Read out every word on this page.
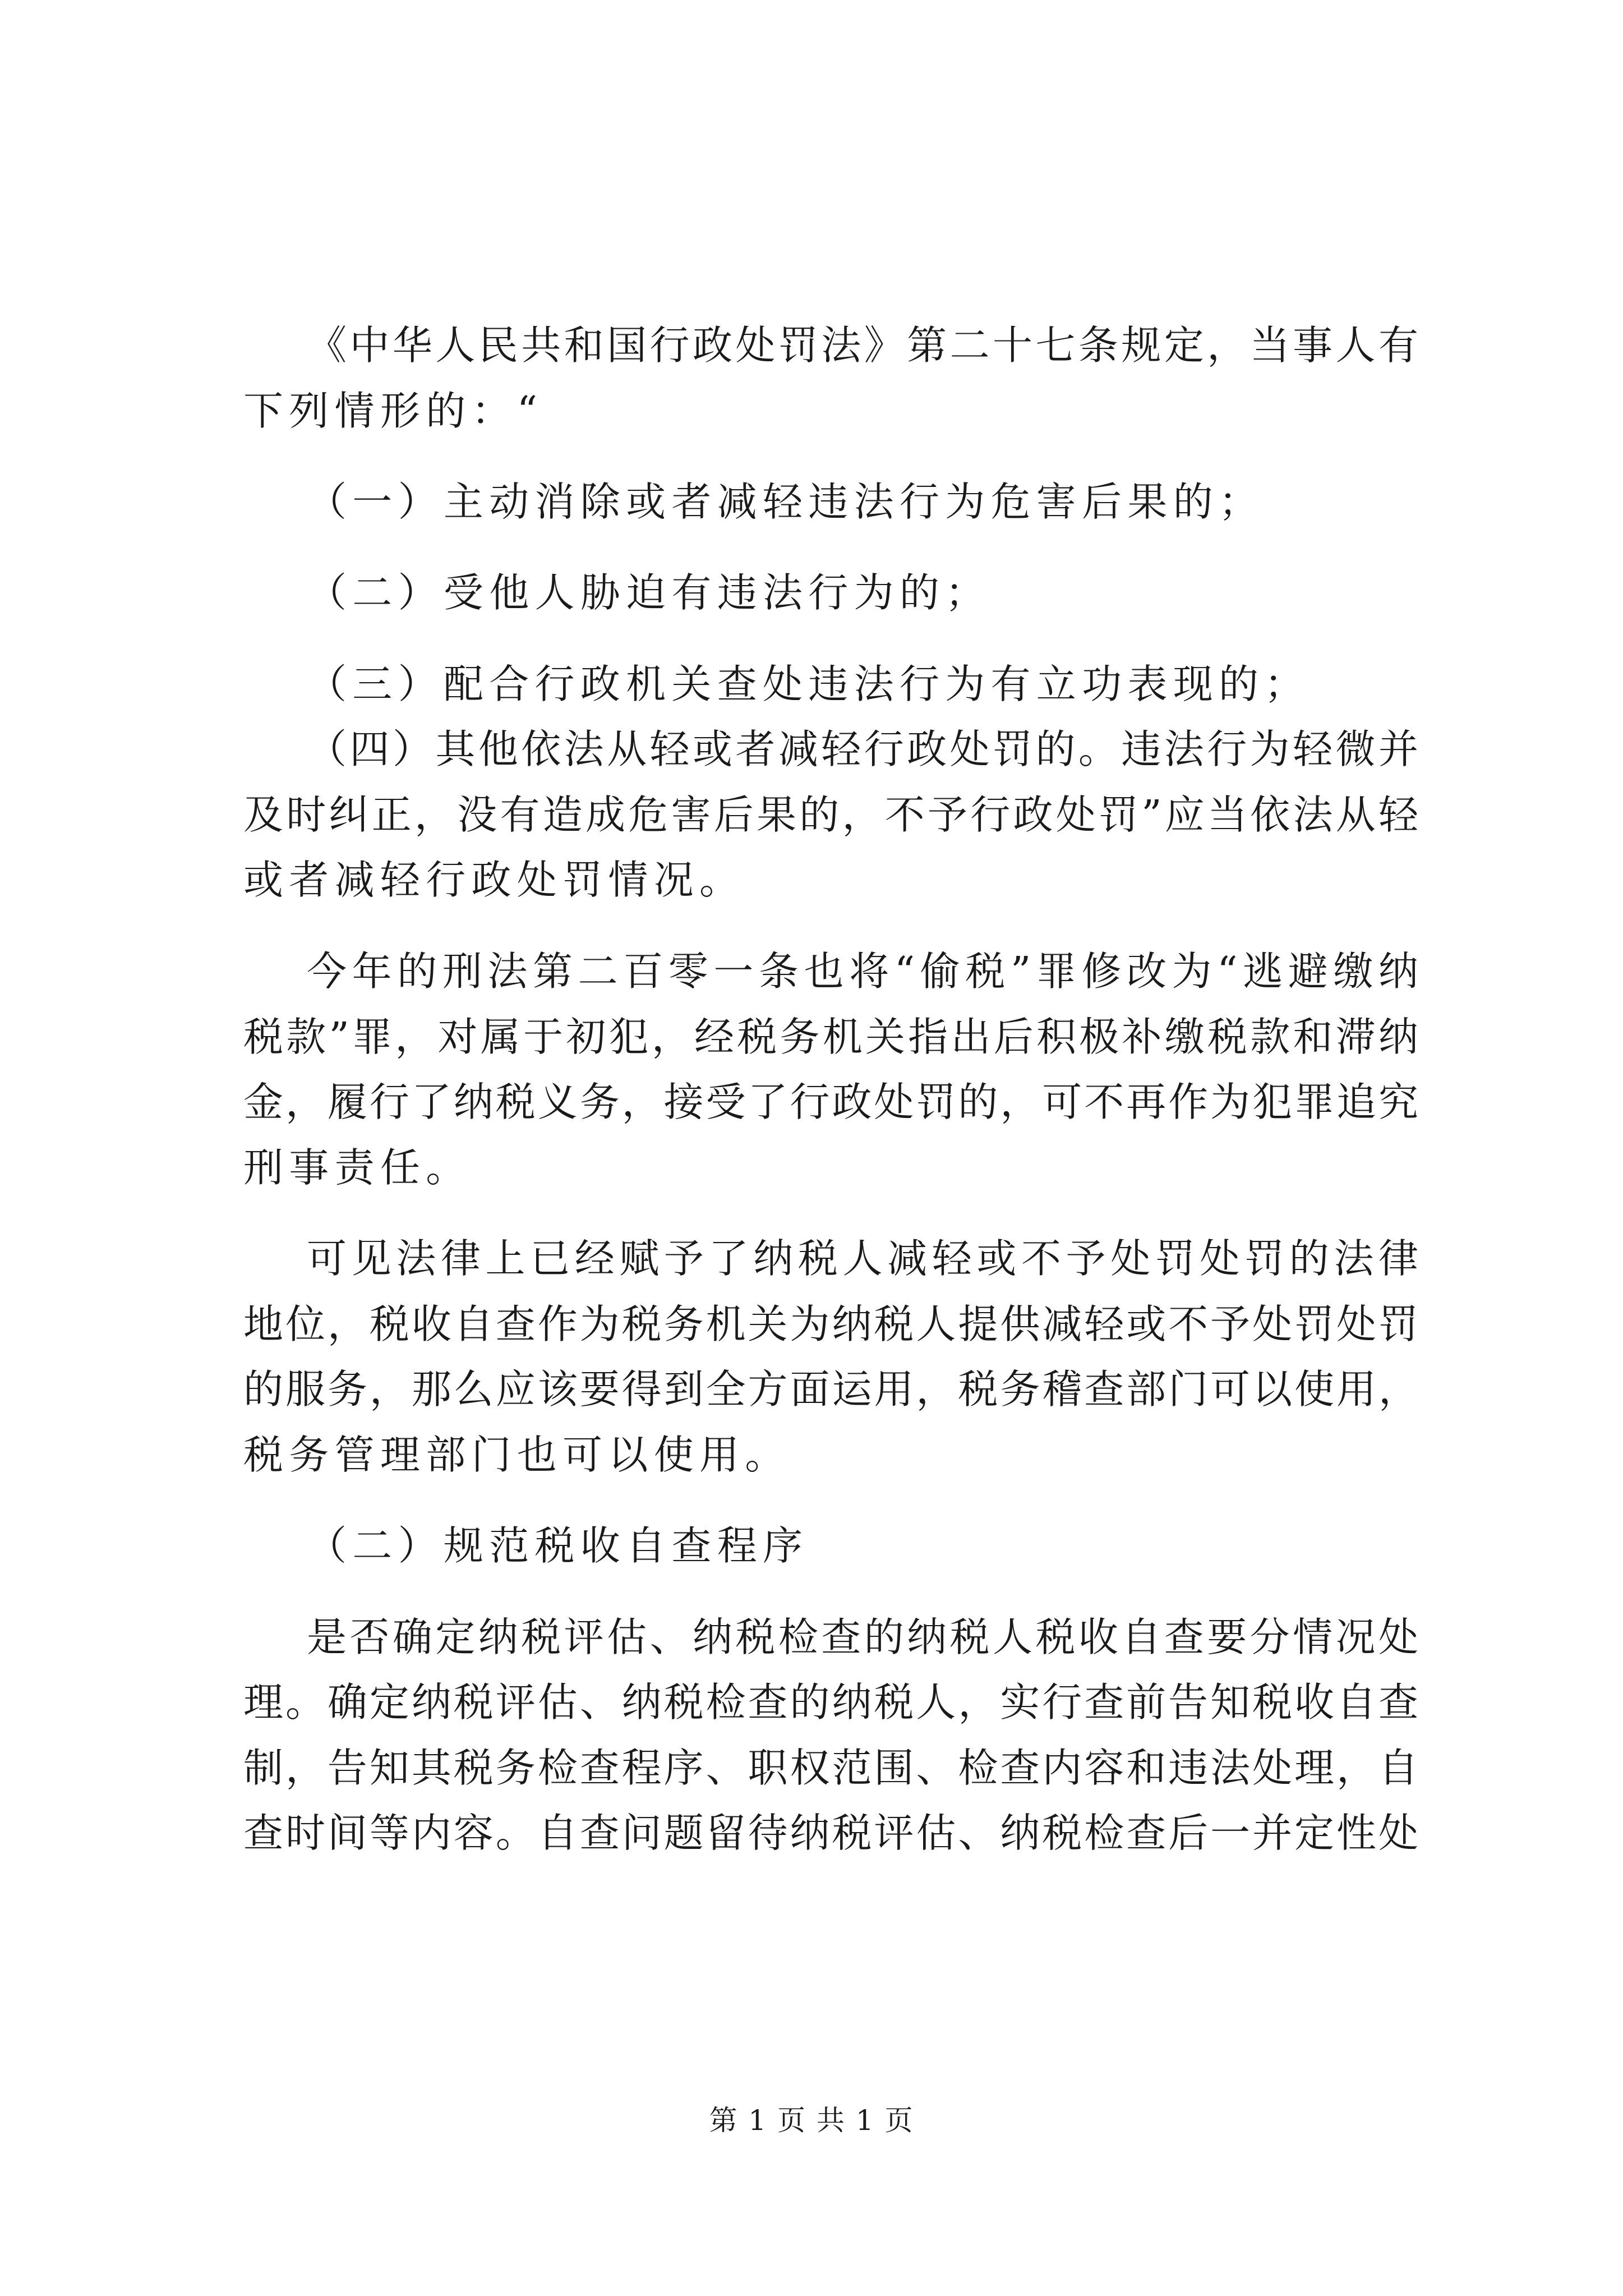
《中华人民共和国行政处罚法》第二十七条规定，当事人有
下列情形的：“
（一）主动消除或者减轻违法行为危害后果的；
（二）受他人胁迫有违法行为的；
（三）配合行政机关查处违法行为有立功表现的；
（四）其他依法从轻或者减轻行政处罚的。违法行为轻微并
及时纠正，没有造成危害后果的，不予行政处罚”应当依法从轻
或者减轻行政处罚情况。
今年的刑法第二百零一条也将“偷税”罪修改为“逃避缴纳
税款”罪，对属于初犯，经税务机关指出后积极补缴税款和滞纳
金，履行了纳税义务，接受了行政处罚的，可不再作为犯罪追究
刑事责任。
可见法律上已经赋予了纳税人减轻或不予处罚处罚的法律
地位，税收自查作为税务机关为纳税人提供减轻或不予处罚处罚
的服务，那么应该要得到全方面运用，税务稽查部门可以使用，
税务管理部门也可以使用。
（二）规范税收自查程序
是否确定纳税评估、纳税检查的纳税人税收自查要分情况处
理。确定纳税评估、纳税检查的纳税人，实行查前告知税收自查
制，告知其税务检查程序、职权范围、检查内容和违法处理，自
查时间等内容。自查问题留待纳税评估、纳税检查后一并定性处
第 1 页 共 1 页
